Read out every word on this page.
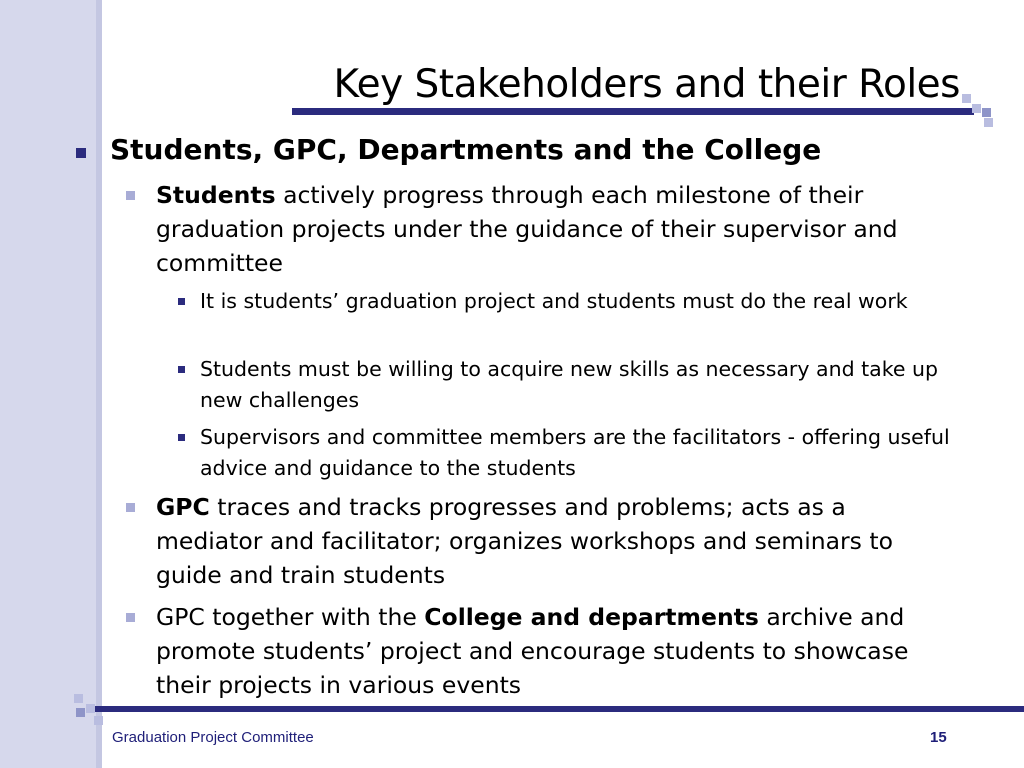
Key Stakeholders and their Roles
Students, GPC, Departments and the College
Students actively progress through each milestone of their graduation projects under the guidance of their supervisor and committee
It is students’ graduation project and students must do the real work
Students must be willing to acquire new skills as necessary and take up new challenges
Supervisors and committee members are the facilitators - offering useful advice and guidance to the students
GPC traces and tracks progresses and problems; acts as a mediator and facilitator; organizes workshops and seminars to guide and train students
GPC together with the College and departments archive and promote students’ project and encourage students to showcase their projects in various events
Graduation Project Committee	15
